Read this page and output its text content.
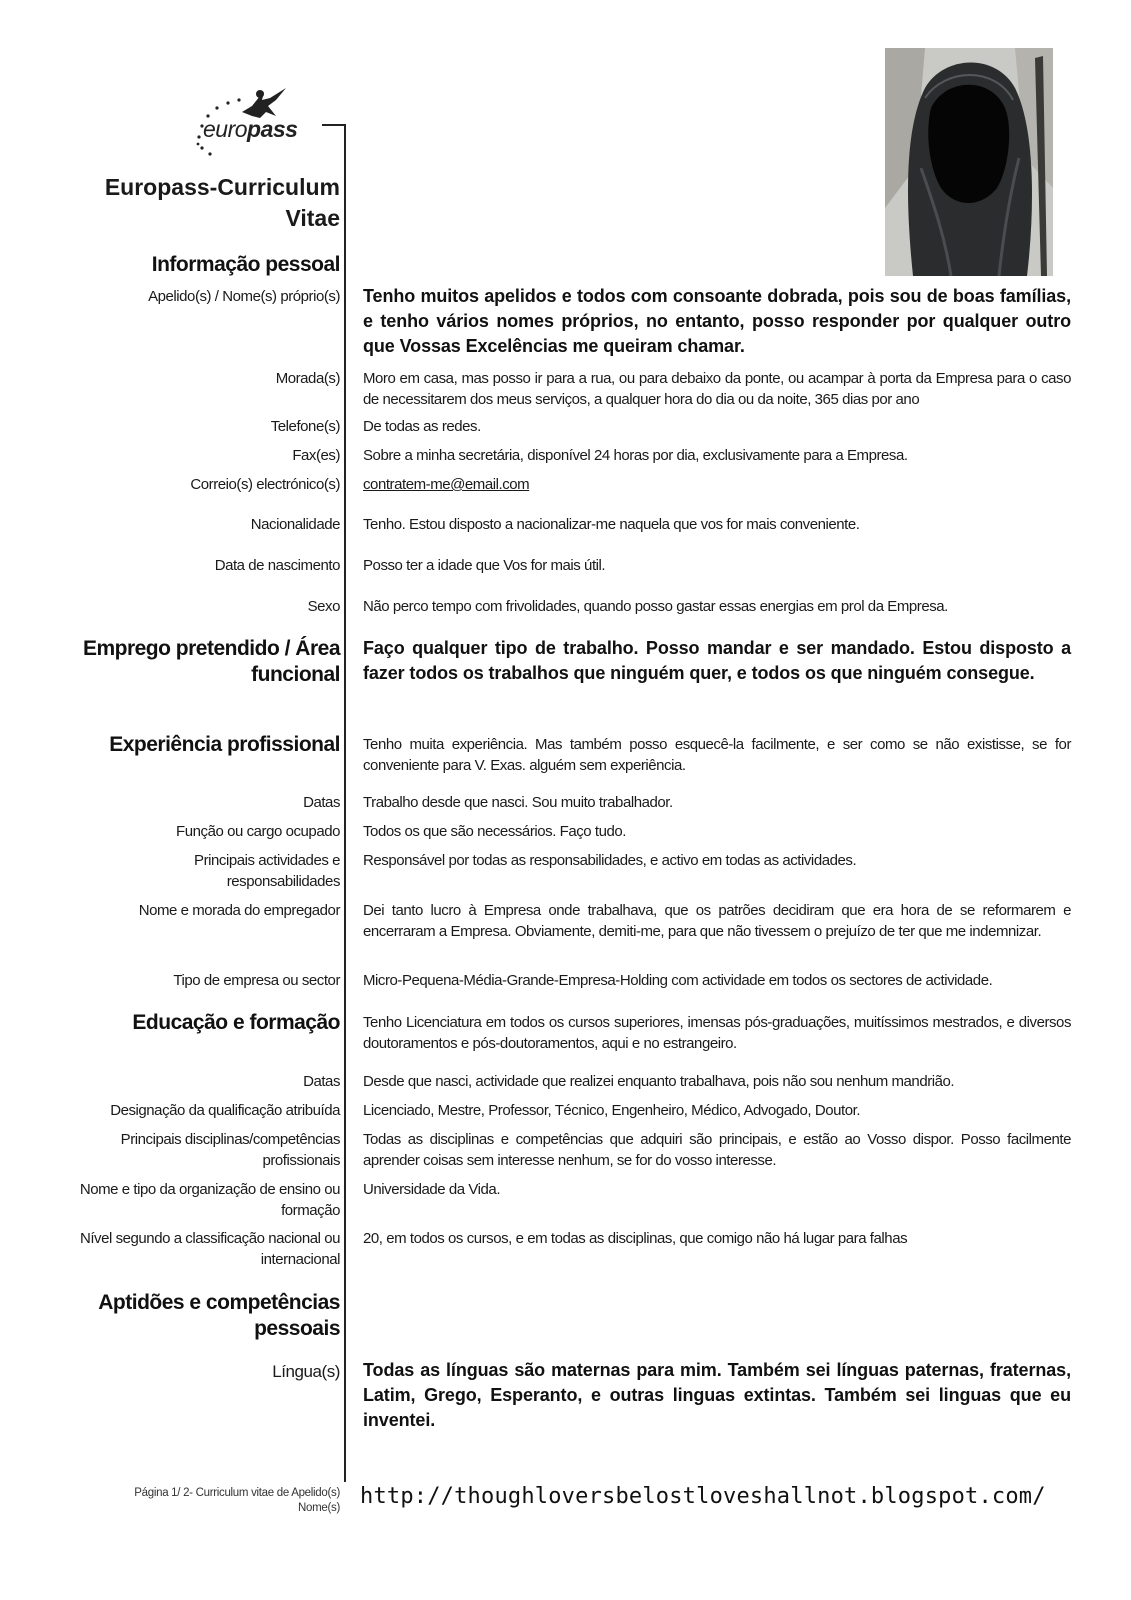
europass
Europass-Curriculum Vitae
Informação pessoal
Apelido(s) / Nome(s) próprio(s) Tenho muitos apelidos e todos com consoante dobrada, pois sou de boas famílias, e tenho vários nomes próprios, no entanto, posso responder por qualquer outro que Vossas Excelências me queiram chamar.
Morada(s) Moro em casa, mas posso ir para a rua, ou para debaixo da ponte, ou acampar à porta da Empresa para o caso de necessitarem dos meus serviços, a qualquer hora do dia ou da noite, 365 dias por ano
Telefone(s) De todas as redes.
Fax(es) Sobre a minha secretária, disponível 24 horas por dia, exclusivamente para a Empresa.
Correio(s) electrónico(s) contratem-me@email.com
Nacionalidade Tenho. Estou disposto a nacionalizar-me naquela que vos for mais conveniente.
Data de nascimento Posso ter a idade que Vos for mais útil.
Sexo Não perco tempo com frivolidades, quando posso gastar essas energias em prol da Empresa.
Emprego pretendido / Área funcional
Faço qualquer tipo de trabalho. Posso mandar e ser mandado. Estou disposto a fazer todos os trabalhos que ninguém quer, e todos os que ninguém consegue.
Experiência profissional Tenho muita experiência. Mas também posso esquecê-la facilmente, e ser como se não existisse, se for conveniente para V. Exas. alguém sem experiência.
Datas Trabalho desde que nasci. Sou muito trabalhador.
Função ou cargo ocupado Todos os que são necessários. Faço tudo.
Principais actividades e responsabilidades
Responsável por todas as responsabilidades, e activo em todas as actividades.
Nome e morada do empregador Dei tanto lucro à Empresa onde trabalhava, que os patrões decidiram que era hora de se reformarem e encerraram a Empresa. Obviamente, demiti-me, para que não tivessem o prejuízo de ter que me indemnizar.
Tipo de empresa ou sector Micro-Pequena-Média-Grande-Empresa-Holding com actividade em todos os sectores de actividade.
Educação e formação Tenho Licenciatura em todos os cursos superiores, imensas pós-graduações, muitíssimos mestrados, e diversos doutoramentos e pós-doutoramentos, aqui e no estrangeiro.
Datas Desde que nasci, actividade que realizei enquanto trabalhava, pois não sou nenhum mandrião.
Designação da qualificação atribuída Licenciado, Mestre, Professor, Técnico, Engenheiro, Médico, Advogado, Doutor.
Principais disciplinas/competências profissionais
Todas as disciplinas e competências que adquiri são principais, e estão ao Vosso dispor. Posso facilmente aprender coisas sem interesse nenhum, se for do vosso interesse.
Nome e tipo da organização de ensino ou formação
Universidade da Vida.
Nível segundo a classificação nacional ou internacional
20, em todos os cursos, e em todas as disciplinas, que comigo não há lugar para falhas
Aptidões e competências pessoais
Língua(s) Todas as línguas são maternas para mim. Também sei línguas paternas, fraternas, Latim, Grego, Esperanto, e outras linguas extintas. Também sei linguas que eu inventei.
Página 1/ 2- Curriculum vitae de Apelido(s) Nome(s) http://thoughloversbelostloveshallnot.blogspot.com/
